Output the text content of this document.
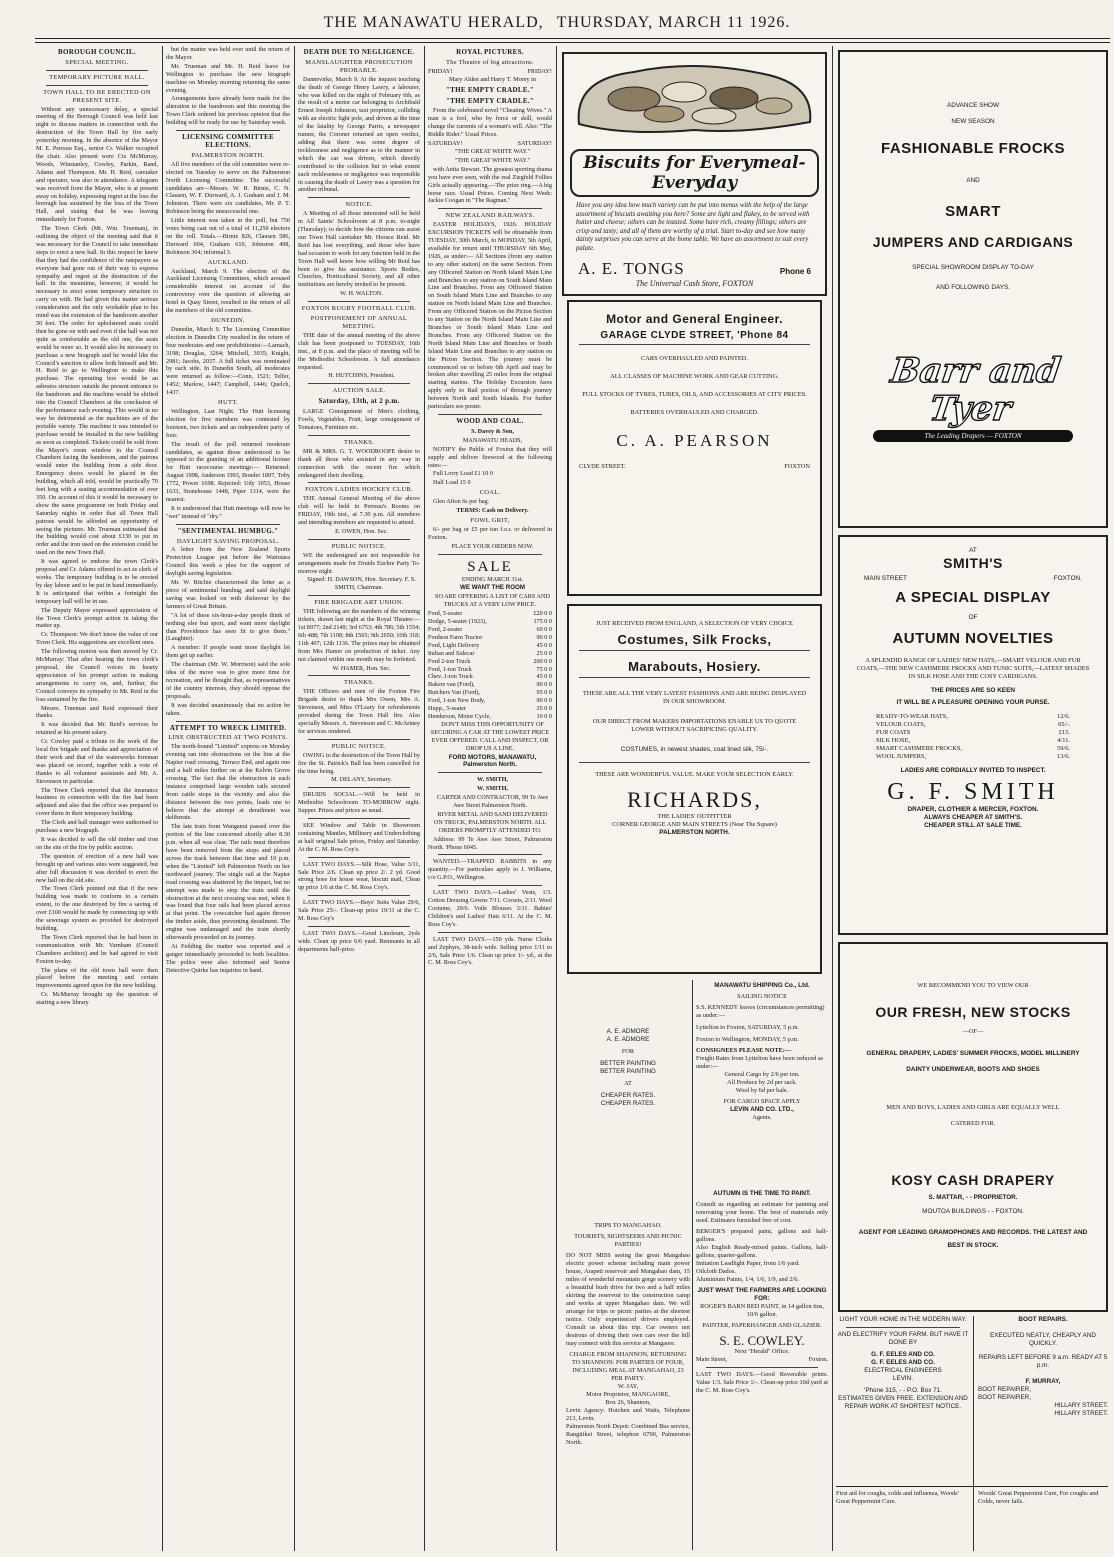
THE MANAWATU HERALD, THURSDAY, MARCH 11 1926.
BOROUGH COUNCIL.
SPECIAL MEETING.
TEMPORARY PICTURE HALL.
TOWN HALL TO BE ERECTED ON PRESENT SITE.

Without any unnecessary delay, a special meeting of the Borough Council was held last night to discuss matters in connection with the destruction of the Town Hall by fire early yesterday morning. In the absence of the Mayor M. E. Perreau Esq., senior Cr. Walker occupied the chair. Also present were Crs McMurray, Woods, Winstanley, Cowley, Parkin, Rand, Adams and Thompson. Mr. H. Reid, caretaker and operator, was also in attendance. A telegram was received from the Mayor, who is at present away on holiday, expressing regret at the loss the borough has sustained by the loss of the Town Hall, and stating that he was leaving immediately for Foxton.

The Town Clerk (Mr. Wm. Trueman), in outlining the object of the meeting said that it was necessary for the Council to take immediate steps to erect a new hall. In this respect he knew that they had the confidence of the ratepayers as everyone had gone out of their way to express sympathy and regret at the destruction of the hall. In the meantime, however, it would be necessary to erect some temporary structure to carry on with. He had given this matter serious consideration and the only workable plan to his mind was the extension of the bandroom another 50 feet. The order for upholstered seats could then be gone on with and even if the hall was not quite as comfortable as the old one, the seats would be more so. It would also be necessary to purchase a new biograph and he would like the Council's sanction to allow both himself and Mr. H. Reid to go to Wellington to make this purchase. The operating box would be an asbestos structure outside the present entrance to the bandroom and the machine would be shifted into the Council Chambers at the conclusion of the performance each evening. This would in no way be detrimental as the machines are of the portable variety. The machine it was intended to purchase would be installed in the new building as soon as completed. Tickets could be sold from the Mayor's room window in the Council Chambers facing the bandroom, and the patrons would enter the building from a side door. Emergency doors would be placed in the building, which all told, would be practically 70 feet long with a seating accommodation of over 350. On account of this it would be necessary to show the same programme on both Friday and Saturday nights in order that all Town Hall patrons would be afforded an opportunity of seeing the pictures. Mr. Trueman estimated that the building would cost about £130 to put in order and the iron used on the extension could be used on the new Town Hall.

It was agreed to endorse the town Clerk's proposal and Cr. Adams offered to act as clerk of works. The temporary building is to be erected by day labour and to be put in hand immediately. It is anticipated that within a fortnight the temporary hall will be in use.

The Deputy Mayor expressed appreciation of the Town Clerk's prompt action in taking the matter up.

Cr. Thompson: We don't know the value of our Town Clerk. His suggestions are excellent ones.

The following motion was then moved by Cr. McMurray: That after hearing the town clerk's proposal, the Council voices its hearty appreciation of his prompt action in making arrangements to carry on, and, furthur, the Council conveys its sympathy to Mr. Reid in the loss sustained by the fire.

Messrs. Trueman and Reid expressed their thanks.

It was decided that Mr. Reid's services be retained at his present salary.

Cr. Cowley paid a tribute to the work of the local fire brigade and thanks and appreciation of their work and that of the waterworks foreman was placed on record, together with a vote of thanks to all volunteer assistants and Mr. A. Stevenson in particular.

The Town Clerk reported that the insurance business in connection with the fire had been adjusted and also that the office was prepared to cover them in their temporary building.

The Clerk and hall manager were authorised to purchase a new biograph.

It was decided to sell the old timber and iron on the site of the fire by public auction.

The question of erection of a new hall was brought up and various sites were suggested, but after full discussion it was decided to erect the new hall on the old site.

The Town Clerk pointed out that if the new building was made to conform to a certain extent, to the one destroyed by fire a saving of over £100 would be made by connecting up with the sewerage system as provided for destroyed building.

The Town Clerk reported that he had been in communication with Mr. Varnham (Council Chambers architect) and he had agreed to visit Foxton to-day.

The plans of the old town hall were then placed before the meeting and certain improvements agreed upon for the new building.

Cr. McMurray brought up the question of starting a new library

but the matter was held over until the return of the Mayor.

Mr. Trueman and Mr. H. Reid leave for Wellington to purchase the new biograph machine on Monday morning returning the same evening.

Arrangements have already been made for the alteration to the bandroom and this morning the Town Clerk ordered his previous opinion that the building will be ready for use by Saturday week.

LICENSING COMMITTEE ELECTIONS.
PALMERSTON NORTH.

All five members of the old committee were re-elected on Tuesday to serve on the Palmerston North Licensing Committee. The successful candidates are—Messrs. W. R. Birnie, C. N. Clausen, W. F. Durward, A. J. Graham and J. M. Johnston. There were six candidates, Mr. P. T. Robinson being the unsuccessful one.

Little interest was taken in the poll, but 756 votes being cast out of a total of 11,250 electors on the roll. Totals.—Birnie 826, Clausen 586, Durward 604, Graham 610, Johnston 498, Robinson 364; informal 3.

AUCKLAND.

Auckland, March 9. The election of the Auckland Licensing Committees, which aroused considerable interest on account of the controversy over the question of allowing an hotel in Quay Street, resulted in the return of all the members of the old committee.

DUNEDIN.

Dunedin, March 9. The Licensing Committee election in Dunedin City resulted in the return of four moderates and one prohibitionist:—Larnach, 3198; Douglas, 3264; Mitchell, 3035; Knight, 2981; Jacobs, 2037. A full ticket was nominated by each side. In Dunedin South, all moderates were returned as follow:—Conn, 1521; Telfer, 1452; Marlow, 1447; Campbell, 1446; Quelch, 1437.

HUTT.

Wellington, Last Night. The Hutt licensing election for five members was contested by fourteen, two tickets and an independent party of four.

The result of the poll returned moderate candidates, as against those understood to be opposed to the granting of an additional license for Hutt racecourse meetings:— Returned: August 1998, Anderson 1993, Bonder 1897, Toby 1772, Power 1698. Rejected: Udy 1053, House 1633, Stonehouse 1448, Piper 1314, were the nearest.

It is understood that Hutt meetings will now be "wet" instead of "dry."

"SENTIMENTAL HUMBUG."
DAYLIGHT SAVING PROPOSAL.

A letter from the New Zealand Sports Protection League put before the Waitotara Council this week a plea for the support of daylight saving legislation.

Mr. W. Ritchie characterised the letter as a piece of sentimental humbug, and said daylight saving was looked on with disfavour by the farmers of Great Britain.

"A lot of these six-hour-a-day people think of nothing else but sport, and want more daylight than Providence has seen fit to give them." (Laughter).

A member: If people want more daylight let them get up earlier.

The chairman (Mr. W. Morrison) said the sole idea of the move was to give more time for recreation, and he thought that, as representatives of the country interests, they should oppose the proposals.

It was decided unanimously that no action be taken.

ATTEMPT TO WRECK LIMITED.
LINE OBSTRUCTED AT TWO POINTS.

The north-bound "Limited" express on Monday evening ran into obstructions on the line at the Napier road crossing, Terrace End, and again one and a half miles further on at the Kelvin Grove crossing. The fact that the obstruction in each instance comprised large wooden rails secured from cattle stops in the vicinity and also the distance between the two points, leads one to believe that the attempt at derailment was deliberate.

The late train from Wanganui passed over the portion of the line concerned shortly after 8.30 p.m. when all was clear. The rails must therefore have been removed from the stops and placed across the track between that time and 10 p.m. when the "Limited" left Palmerston North on her northward journey. The single rail at the Napier road crossing was shattered by the impact, but no attempt was made to stop the train until the obstruction at the next crossing was met, when it was found that four rails had been placed across at that point. The cowcatcher had again thrown the timber aside, thus preventing derailment. The engine was undamaged and the train shortly afterwards proceeded on its journey.

At Feilding the matter was reported and a ganger immediately proceeded to both localities. The police were also informed and Senior Detective Quirke has inquiries in hand.

DEATH DUE TO NEGLIGENCE.
MANSLAUGHTER PROSECUTION PROBABLE.

Dannevirke, March 9. At the inquest touching the death of George Henry Lawry, a labourer, who was killed on the night of February 6th, as the result of a motor car belonging to Archibald Ernest Joseph Johnston, taxi proprietor, colliding with an electric light pole, and driven at the time of the fatality by George Parris, a newspaper runner, the Coroner returned an open verdict, adding that there was some degree of recklessness and negligence as to the manner in which the car was driven, which directly contributed to the collision but to what extent such recklessness or negligence was responsible in causing the death of Lawry was a question for another tribunal.

NOTICE.

A Meeting of all those interested will be held in All Saints' Schoolroom at 8 p.m. to-night (Thursday); to decide how the citizens can assist our Town Hall caretaker Mr. Horace Reid. Mr Reid has lost everything, and those who have had occasion to work for any function held in the Town Hall well know how willing Mr Reid has been to give his assistance. Sports Bodies, Churches, Horticultural Society, and all other institutions are hereby invited to be present.

W. H. WALTON.

FOXTON RUGBY FOOTBALL CLUB.
POSTPONEMENT OF ANNUAL MEETING.

THE date of the annual meeting of the above club has been postponed to TUESDAY, 16th inst., at 8 p.m. and the place of meeting will be the Methodist Schoolroom. A full attendance requested.

H. HUTCHINS, President.

AUCTION SALE.
Saturday, 13th, at 2 p.m.

LARGE Consignment of Men's clothing, Fowls, Vegetables, Fruit, large consignment of Tomatoes, Furniture etc.

THANKS.

MR & MRS. G. T. WOODROOFE desire to thank all those who assisted in any way in connection with the recent fire which endangered their dwelling.

FOXTON LADIES HOCKEY CLUB.

THE Annual General Meeting of the above club will be held in Perreau's Rooms on FRIDAY, 19th inst., at 7.30 p.m. All members and intending members are requested to attend.

E. OWEN, Hon. Sec.

PUBLIC NOTICE.

WE the undersigned are not responsible for arrangements made for Druids Euchre Party To-morrow night.

Signed: H. DAWSON, Hon. Secretary. F. S. SMITH, Chairman.

FIRE BRIGADE ART UNION.

THE following are the numbers of the winning tickets, drawn last night at the Royal Theatre:— 1st 8977; 2nd 2149; 3rd 6753; 4th 786; 5th 1554; 6th 488; 7th 1108; 8th 1565; 9th 2650; 10th 318; 11th 407; 12th 1136. The prizes may be obtained from Mrs Hamer on production of ticket. Any not claimed within one month may be forfeited.

W. HAMER, Hon. Sec.

THANKS.

THE Officers and men of the Foxton Fire Brigade desire to thank Mrs Owen, Mrs A. Stevenson, and Miss O'Leary for refreshments provided during the Town Hall fire. Also specially Messrs. A. Stevenson and C. McArtney for services rendered.

PUBLIC NOTICE.

OWING to the destruction of the Town Hall by fire the St. Patrick's Ball has been cancelled for the time being.

M. DELANY, Secretary.

DRUIDS SOCIAL.—Will be held in Methodist Schoolroom TO-MORROW night. Supper. Prizes and prices as usual.

SEE Window and Table in Showroom containing Mantles, Millinery and Underclothing at half original Sale prices, Friday and Saturday. At the C. M. Ross Coy's.

LAST TWO DAYS.—Silk Hose, Value 3/11, Sale Price 2/6. Clean up price 2/. 2 yd. Good strong hose for house wear, biscuit mail, Clean up price 1/6 at the C. M. Ross Coy's.

LAST TWO DAYS.—Boys' Suits Value 29/6, Sale Price 25/-. Clean-up price 19/11 at the C. M. Ross Coy's

LAST TWO DAYS.—Good Linoleum, 2yds wide. Clean up price 6/6 yard. Remnants in all departments half-price.

ROYAL PICTURES.
The Theatre of big attractions.
FRIDAY!	FRIDAY!

Mary Alden and Harry T. Morey in

"THE EMPTY CRADLE."
"THE EMPTY CRADLE."

From the celebrated novel "Cheating Wives." A man is a fool, who by force or skill, would change the currents of a woman's will. Also: "The Riddle Rider." Usual Prices.

SATURDAY!	SATURDAY!

"THE GREAT WHITE WAY."

"THE GREAT WHITE WAY."

with Anita Stewart. The greatest sporting drama you have ever seen, with the real Ziegfeld Follies Girls actually appearing.—The prize ring.—A big horse race. Usual Prices. Coming Next Week: Jackie Coogan in "The Ragman."

NEW ZEALAND RAILWAYS.

EASTER HOLIDAYS, 1926. HOLIDAY EXCURSION TICKETS will be obtainable from TUESDAY, 30th March, to MONDAY, 5th April, available for return until THURSDAY 6th May, 1926, as under:— All Sections (from any station to any other station) on the same Section. From any Officered Station on North Island Main Line and Branches to any station on South Island Main Line and Branches. From any Officered Station on South Island Main Line and Branches to any station on North Island Main Line and Branches. From any Officered Station on the Picton Section to any Station on the North Island Main Line and Branches or South Island Main Line and Branches. From any Officered Station on the North Island Main Line and Branches or South Island Main Line and Branches to any station on the Picton Section. The journey must be commenced on or before 6th April and may be broken after travelling 25 miles from the original starting station. The Holiday Excursion fares apply only to Rail portion of through journey between North and South Islands. For further particulars see poster.

WOOD AND COAL.

S. Davey & Son,

MANAWATU HEADS,

NOTIFY the Public of Foxton that they will supply and deliver firewood at the following rates:—

Full Lorry Load £1 10 0

Half Load 15 0

COAL.

Glen Afton 6s per bag.

TERMS: Cash on Delivery.

FOWL GRIT,

6/- per bag or £5 per ton f.o.r. or delivered in Foxton.

PLACE YOUR ORDERS NOW.

SALE

ENDING MARCH 31st.

WE WANT THE ROOM

SO ARE OFFERING A LIST OF CARS AND TRUCKS AT A VERY LOW PRICE.

Ford, 5-seater	£20 0 0
Dodge, 5-seater (1923),	175 0 0
Ford, 2-seater	60 0 0
Fordson Farm Tractor	90 0 0
Ford, Light Delivery	45 0 0
Indian and Sidecar	25 0 0
Ford 2-ton Truck	200 0 0
Ford, 1-ton Truck	75 0 0
Chev. 1-ton Truck	45 0 0
Bakers van (Ford),	90 0 0
Butchers Van (Ford),	95 0 0
Ford, 1-ton New Body,	90 0 0
Hupp., 5-seater	35 0 0
Henderson, Motor Cycle,	10 0 0

DON'T MISS THIS OPPORTUNITY OF SECURING A CAR AT THE LOWEST PRICE EVER OFFERED. CALL AND INSPECT, OR DROP US A LINE.

FORD MOTORS, MANAWATU, Palmerston North.

W. SMITH,

W. SMITH,

CARTER AND CONTRACTOR, 99 Te Awe Awe Street Palmerston North.

RIVER METAL AND SAND DELIVERED ON TRUCK, PALMERSTON NORTH. ALL ORDERS PROMPTLY ATTENDED TO.

Address: 99 Te Awe Awe Street, Palmerston North. 'Phone 6045.

WANTED.—TRAPPED RABBITS in any quantity.—For particulars apply to J. Williams, c/o G.P.O., Wellington.

LAST TWO DAYS.—Ladies' Vests, 1/3. Cotton Dressing Gowns 7/11. Corsets, 2/11. Wool Costume, 29/6. Voile Blouses 3/11. Babies' Children's and Ladies' Hats 6/11. At the C. M. Ross Coy's.

LAST TWO DAYS.—150 yds. Nurse Cloths and Zephyrs, 38-inch wide. Selling price 1/11 to 2/6, Sale Price 1/6. Clean up price 1/- yd., at the C. M. Ross Coy's.

Biscuits for Everymeal-Everyday
Have you any idea how much variety can be put into menus with the help of the large assortment of biscuits awaiting you here? Some are light and flakey, to be served with butter and cheese; others can be toasted. Some have rich, creamy fillings; others are crisp and tasty; and all of them are worthy of a trial. Start to-day and see how many dainty surprises you can serve at the home table. We have an assortment to suit every palate.
A. E. TONGS	Phone 6
The Universal Cash Store, FOXTON
Motor and General Engineer.
GARAGE CLYDE STREET, 'Phone 84
CARS OVERHAULED AND PAINTED.
ALL CLASSES OF MACHINE WORK AND GEAR CUTTING.
FULL STOCKS OF TYRES, TUBES, OILS, AND ACCESSORIES AT CITY PRICES.
BATTERIES OVERHAULED AND CHARGED.
C. A. PEARSON
CLYDE STREET.	FOXTON
JUST RECEIVED FROM ENGLAND, A SELECTION OF VERY CHOICE
Costumes, Silk Frocks,
Marabouts, Hosiery.
THESE ARE ALL THE VERY LATEST FASHIONS AND ARE BEING DISPLAYED IN OUR SHOWROOM.
OUR DIRECT FROM MAKERS IMPORTATIONS ENABLE US TO QUOTE LOWER WITHOUT SACRIFICING QUALITY.
COSTUMES, in newest shades, coat lined silk, 75/-.
THESE ARE WONDERFUL VALUE. MAKE YOUR SELECTION EARLY.
RICHARDS,
THE LADIES' OUTFITTER
CORNER GEORGE AND MAIN STREETS (Near The Square)
PALMERSTON NORTH.
A. E. ADMORE
A. E. ADMORE
FOR
BETTER PAINTING
BETTER PAINTING
AT
CHEAPER RATES.
CHEAPER RATES.
TRIPS TO MANGAHAO.
TOURISTS, SIGHTSEERS AND PICNIC PARTIES!
DO NOT MISS seeing the great Mangahao electric power scheme including main power house, Arapeti reservoir and Mangahao dam, 15 miles of wonderful mountain gorge scenery with a beautiful bush drive for two and a half miles skirting the reservoir to the construction camp and works at upper Mangahao dam. We will arrange for trips or picnic parties at the shortest notice. Only experienced drivers employed. Consult us about this trip. Car owners not desirous of driving their own cars over the hill may connect with this service at Mangaore.
CHARGE FROM SHANNON, RETURNING TO SHANNON: FOR PARTIES OF FOUR, INCLUDING MEAL AT MANGAHAO, 23 PER PARTY.
W. JAY,
Motor Proprietor, MANGAORE,
Box 26, Shannon,
Levin Agency: Hotchen and Watts, Telephone 213, Levin.
Palmerston North Depot: Combined Bus service, Rangitikei Street, telephon 6790, Palmerston North.
MANAWATU SHIPPING Co., Ltd.
SAILING NOTICE
S.S. KENNEDY leaves (circumstances permitting) as under:—
Lyttelton to Foxton, SATURDAY, 5 p.m.
Foxton to Wellington, MONDAY, 5 p.m.
CONSIGNEES PLEASE NOTE:—
Freight Rates from Lyttelton have been reduced as under:—
General Cargo by 2/6 per ton.
All Produce by 2d per sack.
Wool by 6d per bale.
FOR CARGO SPACE APPLY
LEVIN AND CO. LTD.,
Agents.
AUTUMN IS THE TIME TO PAINT.
Consult us regarding an estimate for painting and renovating your home. The best of materials only used. Estimates furnished free of cost.
BERGER'S prepared paint, gallons and half-gallons.
Also English Ready-mixed paints. Gallons, half-gallons, quarter-gallons.
Imitation Leadlight Paper, from 1/6 yard.
Oilcloth Dados.
Aluminium Paints, 1/4, 1/6, 1/9, and 2/6.
JUST WHAT THE FARMERS ARE LOOKING FOR:
ROGER'S BARN RED PAINT, in 14 gallon tins, 10/6 gallon.
PAINTER, PAPERHANGER AND GLAZIER.
S. E. COWLEY.
Next "Herald" Office.
Main Street,	Foxton.
LAST TWO DAYS.—Good Reversible prints. Value 1/3. Sale Price 1/-. Clean-up price 10d yard at the C. M. Ross Coy's.
ADVANCE SHOW
NEW SEASON
FASHIONABLE FROCKS
AND
SMART
JUMPERS AND CARDIGANS
SPECIAL SHOWROOM DISPLAY TO-DAY
AND FOLLOWING DAYS.
Barr and Tyer
The Leading Drapers — FOXTON
AT
SMITH'S
MAIN STREET	FOXTON.
A SPECIAL DISPLAY
OF
AUTUMN NOVELTIES
A SPLENDID RANGE OF LADIES' NEW HATS,—SMART VELOUR AND FUR COATS,—THE NEW CASHMERE FROCKS AND TUNIC SUITS,—LATEST SHADES IN SILK HOSE AND THE COSY CARDIGANS.
THE PRICES ARE SO KEEN
IT WILL BE A PLEASURE OPENING YOUR PURSE.
READY-TO-WEAR HATS,	12/6.
VELOUR COATS,	65/-.
FUR COATS	£15.
SILK HOSE,	4/11.
SMART CASHMERE FROCKS,	59/6.
WOOL JUMPERS,	13/6.
LADIES ARE CORDIALLY INVITED TO INSPECT.
G. F. SMITH
DRAPER, CLOTHIER & MERCER, FOXTON.
ALWAYS CHEAPER AT SMITH'S.
CHEAPER STILL AT SALE TIME.
WE RECOMMEND YOU TO VIEW OUR
OUR FRESH, NEW STOCKS
—OF—
GENERAL DRAPERY, LADIES' SUMMER FROCKS, MODEL MILLINERY DAINTY UNDERWEAR, BOOTS AND SHOES
MEN AND BOYS, LADIES AND GIRLS ARE EQUALLY WELL CATERED FOR.
KOSY CASH DRAPERY
S. MATTAR, - - PROPRIETOR.
MOUTOA BUILDINGS - - FOXTON.
AGENT FOR LEADING GRAMOPHONES AND RECORDS. THE LATEST AND BEST IN STOCK.
LIGHT YOUR HOME IN THE MODERN WAY.
AND ELECTRIFY YOUR FARM. BUT HAVE IT DONE BY
G. F. EELES AND CO.
G. F. EELES AND CO.
ELECTRICAL ENGINEERS
LEVIN.
'Phone 315, - - P.O. Box 71.
ESTIMATES GIVEN FREE. EXTENSION AND REPAIR WORK AT SHORTEST NOTICE.
BOOT REPAIRS.
EXECUTED NEATLY, CHEAPLY AND QUICKLY.
REPAIRS LEFT BEFORE 9 a.m. READY AT 5 p.m.
F. MURRAY,
BOOT REPAIRER,
BOOT REPAIRER,
HILLARY STREET.
HILLARY STREET.
First aid for coughs, colds and influenza, Woods' Great Peppermint Cure.
Woods' Great Peppermint Cure, For coughs and Colds, never fails.
